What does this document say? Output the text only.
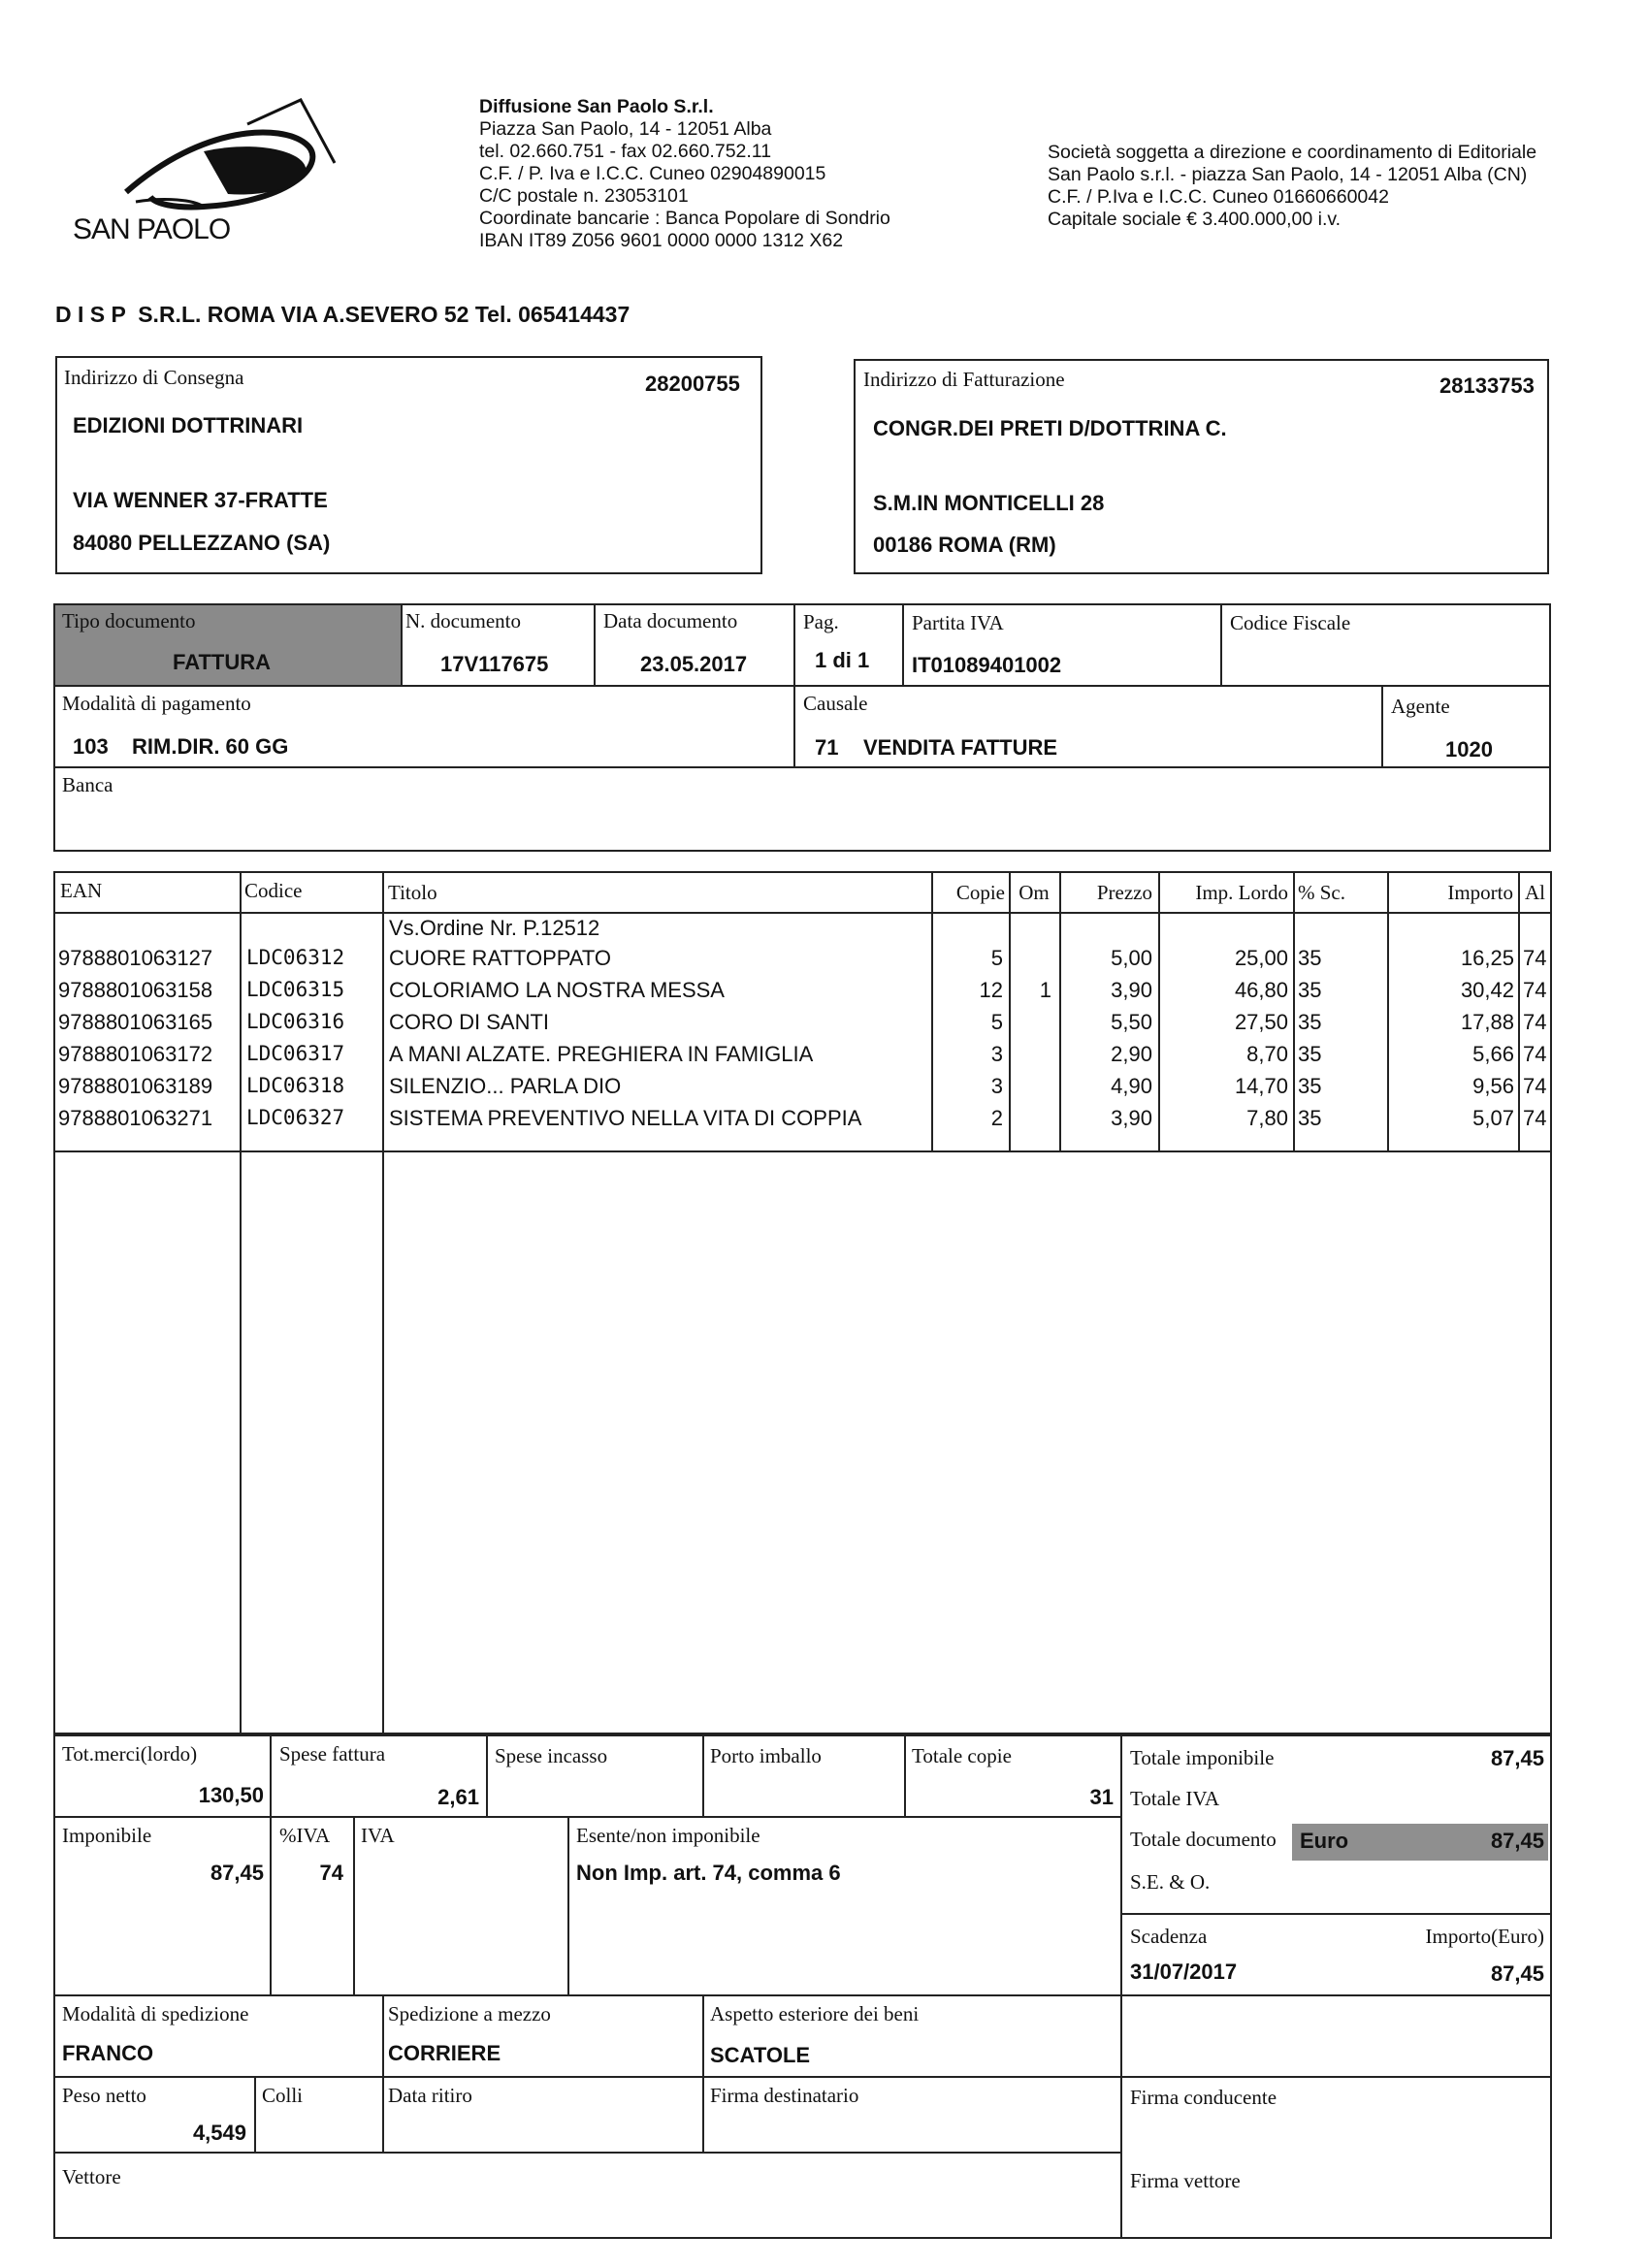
SAN PAOLO
Diffusione San Paolo S.r.l.
Piazza San Paolo, 14 - 12051 Alba
tel. 02.660.751 - fax 02.660.752.11
C.F. / P. Iva e I.C.C. Cuneo 02904890015
C/C postale n. 23053101
Coordinate bancarie : Banca Popolare di Sondrio
IBAN IT89 Z056 9601 0000 0000 1312 X62
Società soggetta a direzione e coordinamento di Editoriale
San Paolo s.r.l. - piazza San Paolo, 14 - 12051 Alba (CN)
C.F. / P.Iva e I.C.C. Cuneo 01660660042
Capitale sociale € 3.400.000,00 i.v.
D I S P  S.R.L. ROMA VIA A.SEVERO 52 Tel. 065414437
Indirizzo di Consegna	28200755
EDIZIONI DOTTRINARI
VIA WENNER 37-FRATTE
84080 PELLEZZANO (SA)
Indirizzo di Fatturazione	28133753
CONGR.DEI PRETI D/DOTTRINA C.
S.M.IN MONTICELLI 28
00186 ROMA (RM)
Tipo documento
FATTURA
N. documento
17V117675
Data documento
23.05.2017
Pag.
1 di 1
Partita IVA
IT01089401002
Codice Fiscale
Modalità di pagamento
103 RIM.DIR. 60 GG
Causale
71 VENDITA FATTURE
Agente
1020
Banca
EAN	Codice	Titolo	Copie Om	Prezzo	Imp. Lordo % Sc.	Importo Al
Vs.Ordine Nr. P.12512
9788801063127 LDC06312 CUORE RATTOPPATO	5	5,00	25,00 35	16,25 74
9788801063158 LDC06315 COLORIAMO LA NOSTRA MESSA	12	1	3,90	46,80 35	30,42 74
9788801063165 LDC06316 CORO DI SANTI	5	5,50	27,50 35	17,88 74
9788801063172 LDC06317 A MANI ALZATE. PREGHIERA IN FAMIGLIA	3	2,90	8,70 35	5,66 74
9788801063189 LDC06318 SILENZIO... PARLA DIO	3	4,90	14,70 35	9,56 74
9788801063271 LDC06327 SISTEMA PREVENTIVO NELLA VITA DI COPPIA	2	3,90	7,80 35	5,07 74
Tot.merci(lordo)
130,50
Spese fattura
2,61
Spese incasso	Porto imballo	Totale copie
31
Totale imponibile	87,45
Totale IVA
Totale documento Euro	87,45
S.E. & O.
Imponibile
87,45
%IVA
74
IVA	Esente/non imponibile
Non Imp. art. 74, comma 6
Scadenza
31/07/2017
Importo(Euro)
87,45
Modalità di spedizione
FRANCO
Spedizione a mezzo
CORRIERE
Aspetto esteriore dei beni
SCATOLE
Peso netto
4,549
Colli	Data ritiro	Firma destinatario	Firma conducente
Vettore	Firma vettore
